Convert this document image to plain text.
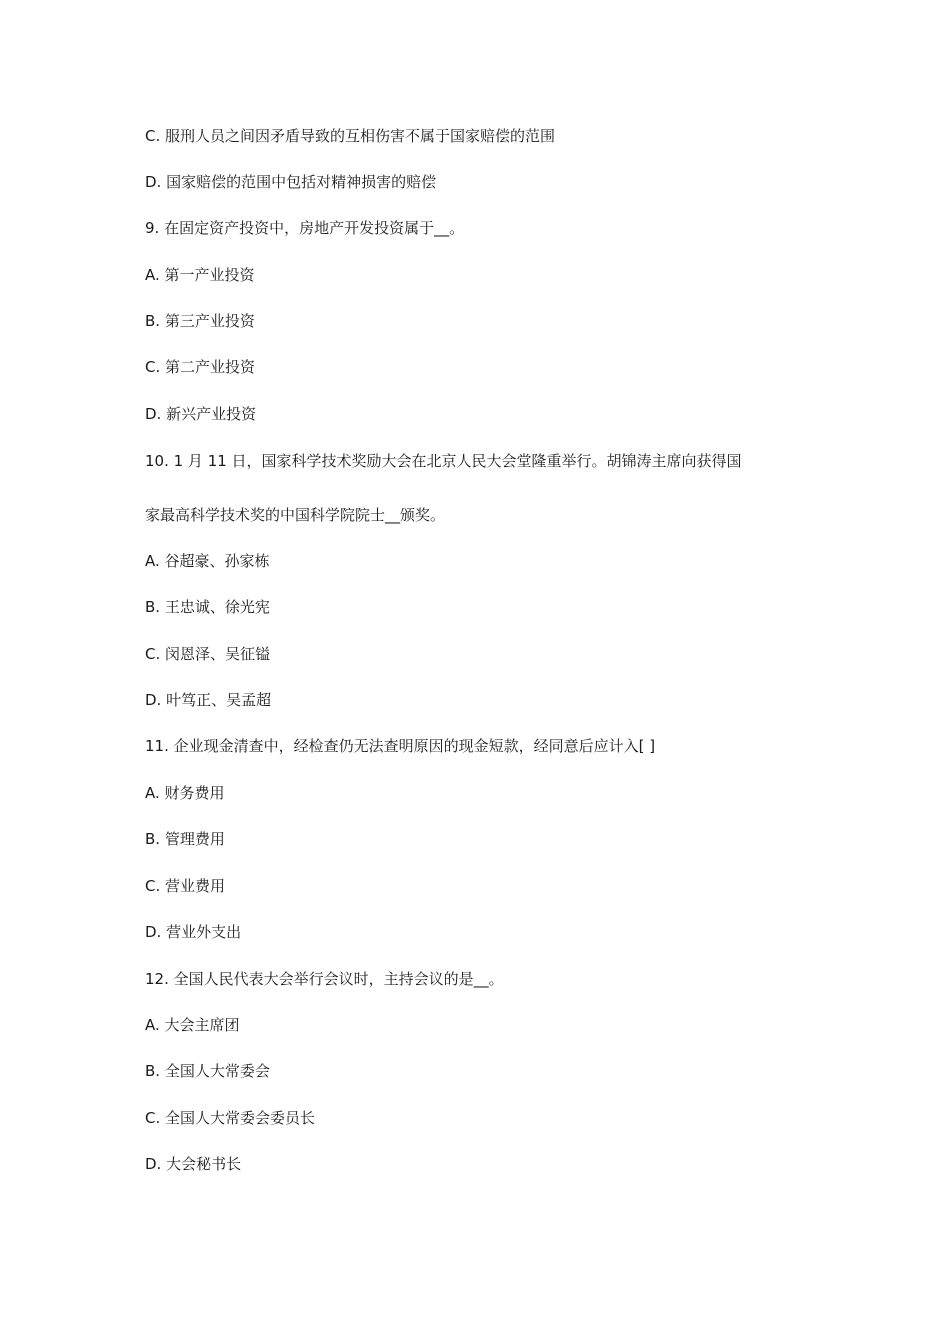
C. 服刑人员之间因矛盾导致的互相伤害不属于国家赔偿的范围
D. 国家赔偿的范围中包括对精神损害的赔偿
9. 在固定资产投资中，房地产开发投资属于__。
A. 第一产业投资
B. 第三产业投资
C. 第二产业投资
D. 新兴产业投资
10. 1 月 11 日，国家科学技术奖励大会在北京人民大会堂隆重举行。胡锦涛主席向获得国
家最高科学技术奖的中国科学院院士__颁奖。
A. 谷超豪、孙家栋
B. 王忠诚、徐光宪
C. 闵恩泽、吴征镒
D. 叶笃正、吴孟超
11. 企业现金清查中，经检查仍无法查明原因的现金短款，经同意后应计入[ ]
A. 财务费用
B. 管理费用
C. 营业费用
D. 营业外支出
12. 全国人民代表大会举行会议时，主持会议的是__。
A. 大会主席团
B. 全国人大常委会
C. 全国人大常委会委员长
D. 大会秘书长
